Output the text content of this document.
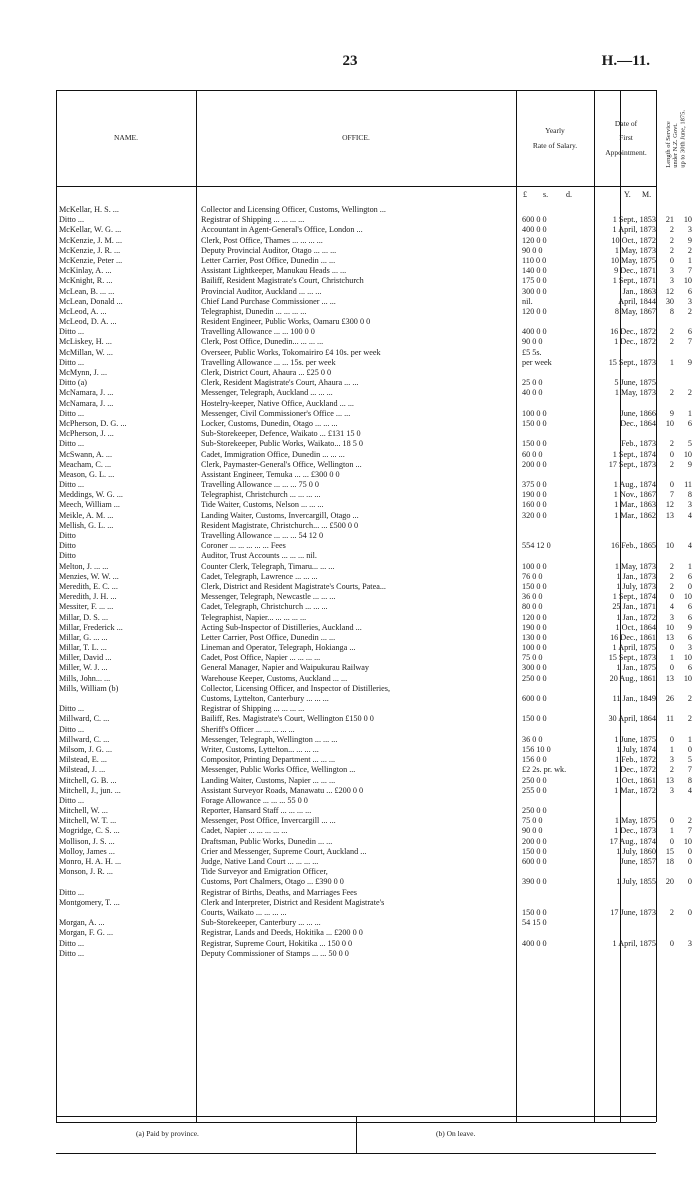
23	H.—11.
NAME.	OFFICE.
Yearly
Rate of Salary.
Date of
First
Appointment.	Length of Service
under N.Z. Govt.
up to 30th June, 1875.
£ s. d.	Y. M.
McKellar, H. S. ...	Collector and Licensing Officer, Customs, Wellington ...
Ditto ...	Registrar of Shipping ... ... ... ...	600 0 0	1 Sept., 1853	21	10
McKellar, W. G. ...	Accountant in Agent-General's Office, London ...	400 0 0	1 April, 1873	2	3
McKenzie, J. M. ...	Clerk, Post Office, Thames ... ... ... ...	120 0 0	10 Oct., 1872	2	9
McKenzie, J. R. ...	Deputy Provincial Auditor, Otago ... ... ...	90 0 0	1 May, 1873	2	2
McKenzie, Peter ...	Letter Carrier, Post Office, Dunedin ... ...	110 0 0	10 May, 1875	0	1
McKinlay, A. ...	Assistant Lightkeeper, Manukau Heads ... ...	140 0 0	9 Dec., 1871	3	7
McKnight, R. ...	Bailiff, Resident Magistrate's Court, Christchurch	175 0 0	1 Sept., 1871	3	10
McLean, B. ... ...	Provincial Auditor, Auckland ... ... ...	300 0 0	Jan., 1863	12	6
McLean, Donald ...	Chief Land Purchase Commissioner ... ...	nil.	April, 1844	30	3
McLeod, A. ...	Telegraphist, Dunedin ... ... ... ...	120 0 0	8 May, 1867	8	2
McLeod, D. A. ...	Resident Engineer, Public Works, Oamaru £300 0 0
Ditto ...	Travelling Allowance ... ... 100 0 0	400 0 0	16 Dec., 1872	2	6
McLiskey, H. ...	Clerk, Post Office, Dunedin... ... ... ...	90 0 0	1 Dec., 1872	2	7
McMillan, W. ...	Overseer, Public Works, Tokomairiro £4 10s. per week	£5 5s.
Ditto ...	Travelling Allowance ... ... 15s. per week	per week	15 Sept., 1873	1	9
McMynn, J. ...	Clerk, District Court, Ahaura ... £25 0 0
Ditto (a)	Clerk, Resident Magistrate's Court, Ahaura ... ...	25 0 0	5 June, 1875
McNamara, J. ...	Messenger, Telegraph, Auckland ... ... ...	40 0 0	1 May, 1873	2	2
McNamara, J. ...	Hostelry-keeper, Native Office, Auckland ... ...
Ditto ...	Messenger, Civil Commissioner's Office ... ...	100 0 0	June, 1866	9	1
McPherson, D. G. ...	Locker, Customs, Dunedin, Otago ... ... ...	150 0 0	Dec., 1864	10	6
McPherson, J. ...	Sub-Storekeeper, Defence, Waikato ... £131 15 0
Ditto ...	Sub-Storekeeper, Public Works, Waikato... 18 5 0	150 0 0	Feb., 1873	2	5
McSwann, A. ...	Cadet, Immigration Office, Dunedin ... ... ...	60 0 0	1 Sept., 1874	0	10
Meacham, C. ...	Clerk, Paymaster-General's Office, Wellington ...	200 0 0	17 Sept., 1873	2	9
Meason, G. L. ...	Assistant Engineer, Temuka ... ... £300 0 0
Ditto ...	Travelling Allowance ... ... ... 75 0 0	375 0 0	1 Aug., 1874	0	11
Meddings, W. G. ...	Telegraphist, Christchurch ... ... ... ...	190 0 0	1 Nov., 1867	7	8
Meech, William ...	Tide Waiter, Customs, Nelson ... ... ...	160 0 0	1 Mar., 1863	12	3
Meikle, A. M. ...	Landing Waiter, Customs, Invercargill, Otago ...	320 0 0	1 Mar., 1862	13	4
Mellish, G. L. ...	Resident Magistrate, Christchurch... ... £500 0 0
Ditto	Travelling Allowance ... ... ... 54 12 0
Ditto	Coroner ... ... ... ... ... Fees	554 12 0	16 Feb., 1865	10	4
Ditto	Auditor, Trust Accounts ... ... ... nil.
Melton, J. ... ...	Counter Clerk, Telegraph, Timaru... ... ...	100 0 0	1 May, 1873	2	1
Menzies, W. W. ...	Cadet, Telegraph, Lawrence ... ... ...	76 0 0	1 Jan., 1873	2	6
Meredith, E. C. ...	Clerk, District and Resident Magistrate's Courts, Patea...	150 0 0	1 July, 1873	2	0
Meredith, J. H. ...	Messenger, Telegraph, Newcastle ... ... ...	36 0 0	1 Sept., 1874	0	10
Messiter, F. ... ...	Cadet, Telegraph, Christchurch ... ... ...	80 0 0	25 Jan., 1871	4	6
Millar, D. S. ...	Telegraphist, Napier... ... ... ... ...	120 0 0	1 Jan., 1872	3	6
Millar, Frederick ...	Acting Sub-Inspector of Distilleries, Auckland ...	190 0 0	1 Oct., 1864	10	9
Millar, G. ... ...	Letter Carrier, Post Office, Dunedin ... ...	130 0 0	16 Dec., 1861	13	6
Millar, T. L. ...	Lineman and Operator, Telegraph, Hokianga ...	100 0 0	1 April, 1875	0	3
Miller, David ...	Cadet, Post Office, Napier ... ... ... ...	75 0 0	15 Sept., 1873	1	10
Miller, W. J. ...	General Manager, Napier and Waipukurau Railway	300 0 0	1 Jan., 1875	0	6
Mills, John... ...	Warehouse Keeper, Customs, Auckland ... ...	250 0 0	20 Aug., 1861	13	10
Mills, William (b)	Collector, Licensing Officer, and Inspector of Distilleries,
Customs, Lyttelton, Canterbury ... ... ...	600 0 0	11 Jan., 1849	26	2
Ditto ...	Registrar of Shipping ... ... ... ...
Millward, C. ...	Bailiff, Res. Magistrate's Court, Wellington £150 0 0	150 0 0	30 April, 1864	11	2
Ditto ...	Sheriff's Officer ... ... ... ... ...
Millward, C. ...	Messenger, Telegraph, Wellington ... ... ...	36 0 0	1 June, 1875	0	1
Milsom, J. G. ...	Writer, Customs, Lyttelton... ... ... ...	156 10 0	1 July, 1874	1	0
Milstead, E. ...	Compositor, Printing Department ... ... ...	156 0 0	1 Feb., 1872	3	5
Milstead, J. ...	Messenger, Public Works Office, Wellington ...	£2 2s. pr. wk.	1 Dec., 1872	2	7
Mitchell, G. B. ...	Landing Waiter, Customs, Napier ... ... ...	250 0 0	1 Oct., 1861	13	8
Mitchell, J., jun. ...	Assistant Surveyor Roads, Manawatu ... £200 0 0	255 0 0	1 Mar., 1872	3	4
Ditto ...	Forage Allowance ... ... ... 55 0 0
Mitchell, W. ...	Reporter, Hansard Staff ... ... ... ...	250 0 0
Mitchell, W. T. ...	Messenger, Post Office, Invercargill ... ...	75 0 0	1 May, 1875	0	2
Mogridge, C. S. ...	Cadet, Napier ... ... ... ... ...	90 0 0	1 Dec., 1873	1	7
Mollison, J. S. ...	Draftsman, Public Works, Dunedin ... ...	200 0 0	17 Aug., 1874	0	10
Molloy, James ...	Crier and Messenger, Supreme Court, Auckland ...	150 0 0	1 July, 1860	15	0
Monro, H. A. H. ...	Judge, Native Land Court ... ... ... ...	600 0 0	June, 1857	18	0
Monson, J. R. ...	Tide Surveyor and Emigration Officer,
Customs, Port Chalmers, Otago ... £390 0 0	390 0 0	1 July, 1855	20	0
Ditto ...	Registrar of Births, Deaths, and Marriages Fees
Montgomery, T. ...	Clerk and Interpreter, District and Resident Magistrate's
Courts, Waikato ... ... ... ...	150 0 0	17 June, 1873	2	0
Morgan, A. ...	Sub-Storekeeper, Canterbury ... ... ...	54 15 0
Morgan, F. G. ...	Registrar, Lands and Deeds, Hokitika ... £200 0 0
Ditto ...	Registrar, Supreme Court, Hokitika ... 150 0 0	400 0 0	1 April, 1875	0	3
Ditto ...	Deputy Commissioner of Stamps ... ... 50 0 0
(a) Paid by province.	(b) On leave.
